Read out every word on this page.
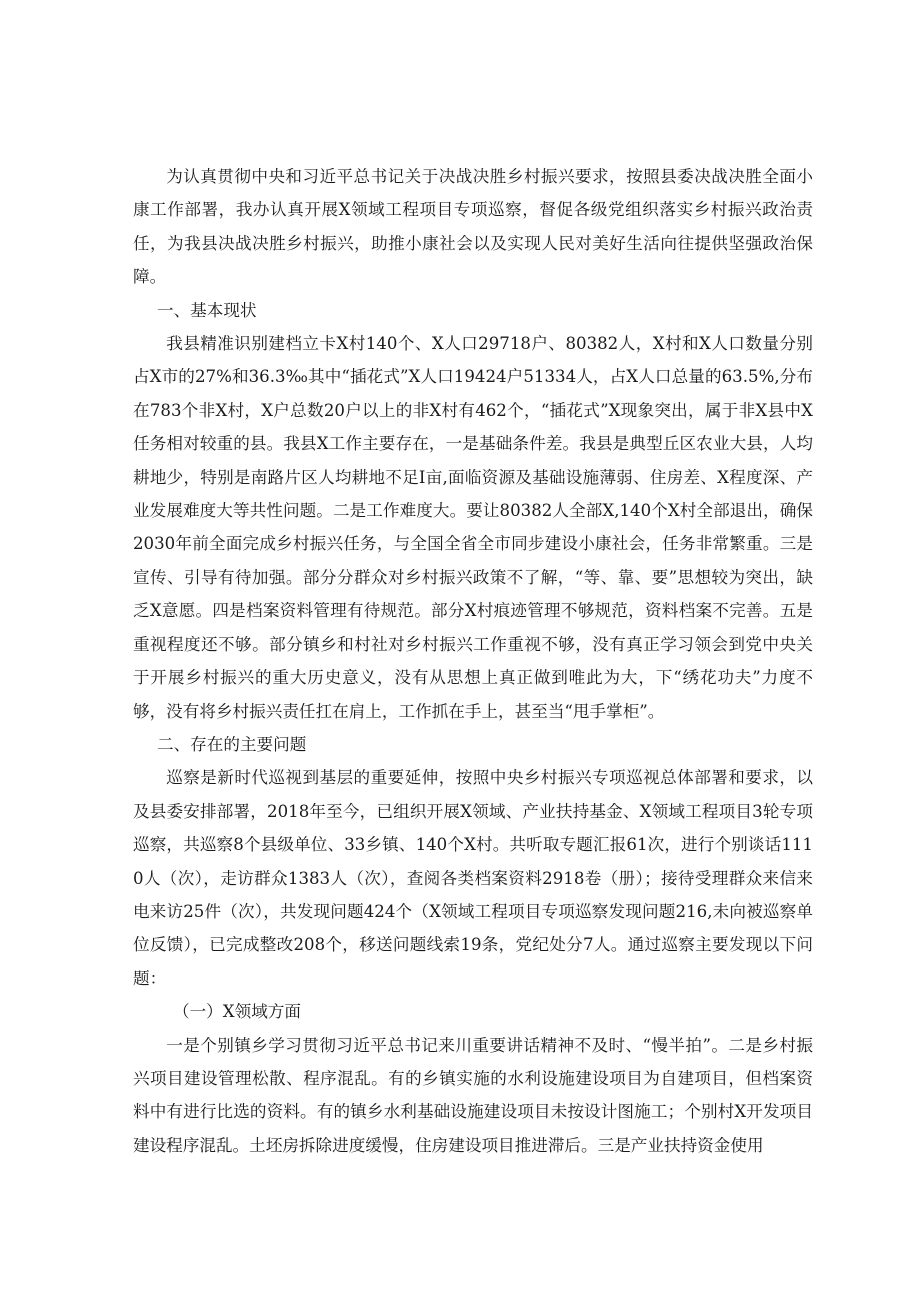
为认真贯彻中央和习近平总书记关于决战决胜乡村振兴要求，按照县委决战决胜全面小康工作部署，我办认真开展X领域工程项目专项巡察，督促各级党组织落实乡村振兴政治责任，为我县决战决胜乡村振兴，助推小康社会以及实现人民对美好生活向往提供坚强政治保障。

一、基本现状

我县精准识别建档立卡X村140个、X人口29718户、80382人，X村和X人口数量分别占X市的27%和36.3‰其中“插花式”X人口19424户51334人，占X人口总量的63.5%,分布在783个非X村，X户总数20户以上的非X村有462个，“插花式”X现象突出，属于非X县中X任务相对较重的县。我县X工作主要存在，一是基础条件差。我县是典型丘区农业大县，人均耕地少，特别是南路片区人均耕地不足Ⅰ亩,面临资源及基础设施薄弱、住房差、X程度深、产业发展难度大等共性问题。二是工作难度大。要让80382人全部X,140个X村全部退出，确保2030年前全面完成乡村振兴任务，与全国全省全市同步建设小康社会，任务非常繁重。三是宣传、引导有待加强。部分分群众对乡村振兴政策不了解，“等、靠、要”思想较为突出，缺乏X意愿。四是档案资料管理有待规范。部分X村痕迹管理不够规范，资料档案不完善。五是重视程度还不够。部分镇乡和村社对乡村振兴工作重视不够，没有真正学习领会到党中央关于开展乡村振兴的重大历史意义，没有从思想上真正做到唯此为大，下“绣花功夫”力度不够，没有将乡村振兴责任扛在肩上，工作抓在手上，甚至当“甩手掌柜”。

二、存在的主要问题

巡察是新时代巡视到基层的重要延伸，按照中央乡村振兴专项巡视总体部署和要求，以及县委安排部署，2018年至今，已组织开展X领域、产业扶持基金、X领域工程项目3轮专项巡察，共巡察8个县级单位、33乡镇、140个X村。共听取专题汇报61次，进行个别谈话1110人（次），走访群众1383人（次），查阅各类档案资料2918卷（册）；接待受理群众来信来电来访25件（次），共发现问题424个（X领域工程项目专项巡察发现问题216,未向被巡察单位反馈），已完成整改208个，移送问题线索19条，党纪处分7人。通过巡察主要发现以下问题：

（一）X领域方面

一是个别镇乡学习贯彻习近平总书记来川重要讲话精神不及时、“慢半拍”。二是乡村振兴项目建设管理松散、程序混乱。有的乡镇实施的水利设施建设项目为自建项目，但档案资料中有进行比选的资料。有的镇乡水利基础设施建设项目未按设计图施工；个别村X开发项目建设程序混乱。土坯房拆除进度缓慢，住房建设项目推进滞后。三是产业扶持资金使用
